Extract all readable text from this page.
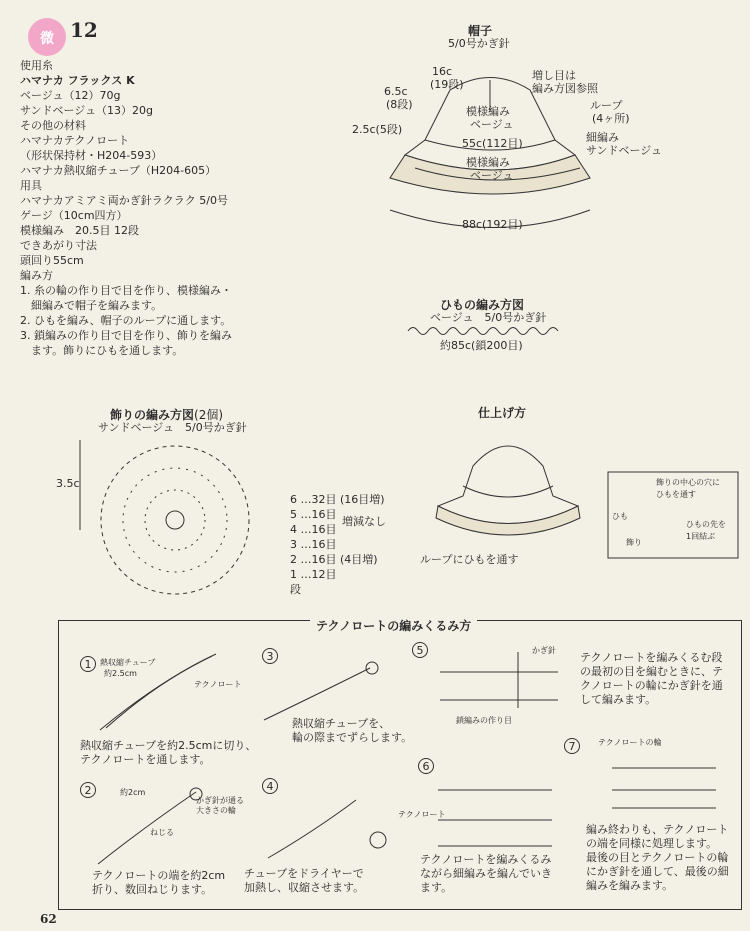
微 12
使用糸
ハマナカ フラックス K
ベージュ（12）70g
サンドベージュ（13）20g
その他の材料
ハマナカテクノロート
（形状保持材・H204-593）
ハマナカ熱収縮チューブ（H204-605）
用具
ハマナカアミアミ両かぎ針ラクラク 5/0号
ゲージ（10cm四方）
模様編み　20.5目 12段
できあがり寸法
頭回り55cm
編み方
1. 糸の輪の作り目で目を作り、模様編み・
　細編みで帽子を編みます。
2. ひもを編み、帽子のループに通します。
3. 鎖編みの作り目で目を作り、飾りを編み
　ます。飾りにひもを通します。
帽子
5/0号かぎ針
16c
(19段)
6.5c
(8段)
2.5c(5段)
増し目は
編み方図参照
模様編み
ベージュ
55c(112目)
ループ
(4ヶ所)
細編み
サンドベージュ
模様編み
ベージュ
88c(192目)
ひもの編み方図
ベージュ　5/0号かぎ針
約85c(鎖200目)
飾りの編み方図(2個)
サンドベージュ　5/0号かぎ針
3.5c
6 …32目 (16目増)
5 …16目
4 …16目
3 …16目
2 …16目 (4目増)
1 …12目
段
増減なし
仕上げ方
ループにひもを通す
飾りの中心の穴に
ひもを通す
ひも
飾り
ひもの先を
1回結ぶ
テクノロートの編みくるみ方
1
2
3
4
5
6
7
熱収縮チューブ
約2.5cm
テクノロート
熱収縮チューブを約2.5cmに切り、
テクノロートを通します。
約2cm
かぎ針が通る
大きさの輪
ねじる
テクノロートの端を約2cm
折り、数回ねじります。
熱収縮チューブを、
輪の際までずらします。
チューブをドライヤーで
加熱し、収縮させます。
かぎ針
鎖編みの作り目
テクノロートを編みくるむ段
の最初の目を編むときに、テ
クノロートの輪にかぎ針を通
して編みます。
テクノロート
テクノロートを編みくるみ
ながら細編みを編んでいき
ます。
テクノロートの輪
編み終わりも、テクノロート
の端を同様に処理します。
最後の目とテクノロートの輪
にかぎ針を通して、最後の細
編みを編みます。
62
